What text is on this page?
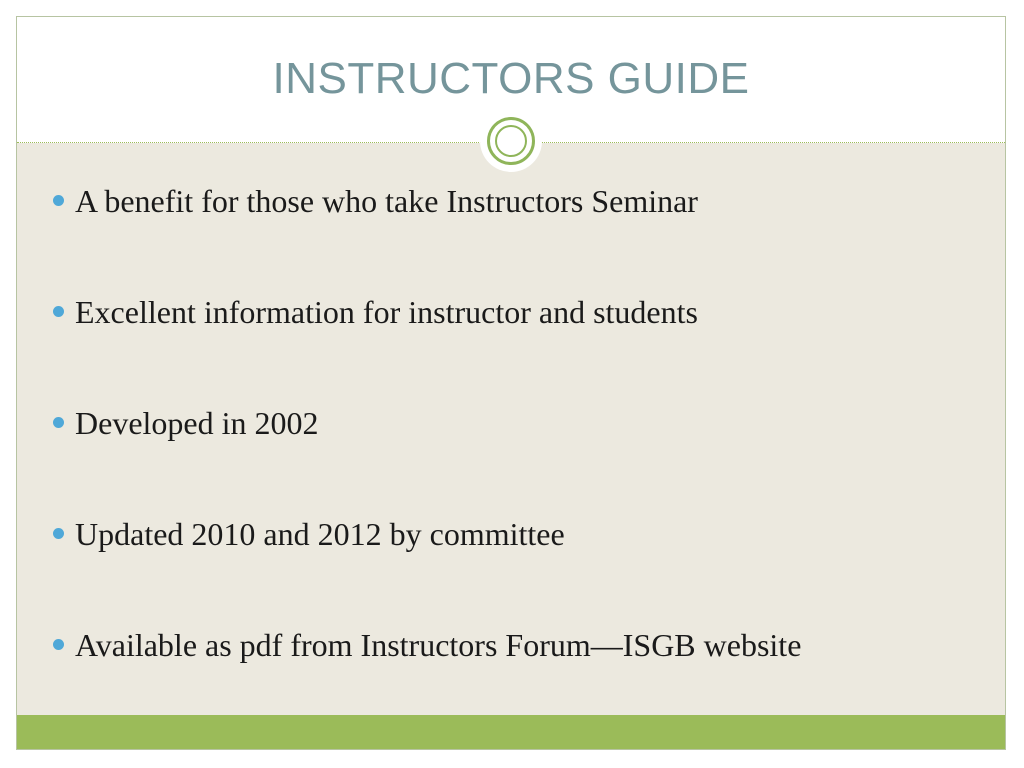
INSTRUCTORS GUIDE
A benefit for those who take Instructors Seminar
Excellent information for instructor and students
Developed in 2002
Updated 2010 and 2012 by committee
Available as pdf from Instructors Forum—ISGB website
